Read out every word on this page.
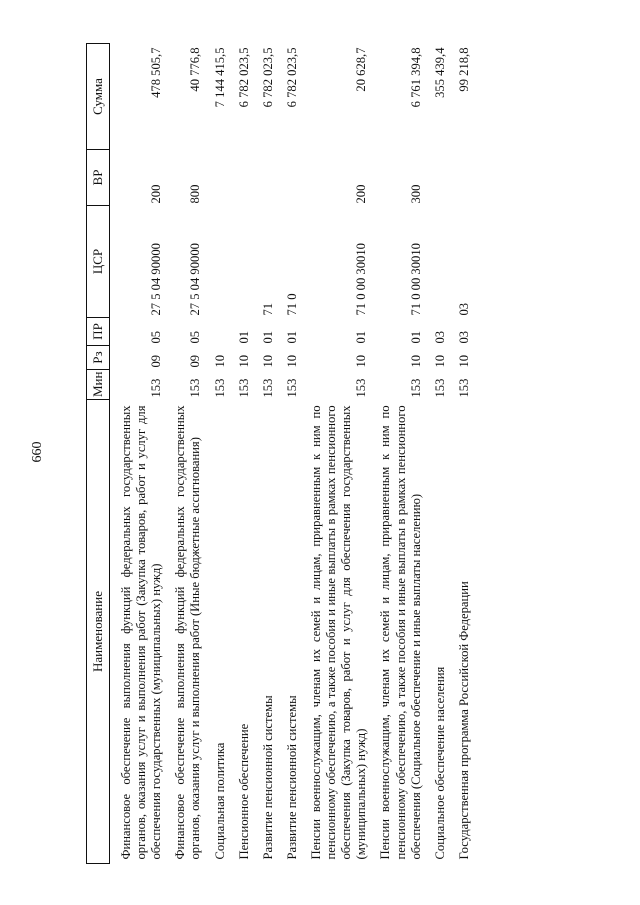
660
Наименование	Мин	Рз	ПР	ЦСР	ВР	Сумма
Финансовое обеспечение выполнения функций федеральных государственных органов, оказания услуг и выполнения работ (Закупка товаров, работ и услуг для обеспечения государственных (муниципальных) нужд)	153	09	05	27 5 04 90000	200	478 505,7
Финансовое обеспечение выполнения функций федеральных государственных органов, оказания услуг и выполнения работ (Иные бюджетные ассигнования)	153	09	05	27 5 04 90000	800	40 776,8
Социальная политика	153	10				7 144 415,5
Пенсионное обеспечение	153	10	01			6 782 023,5
Развитие пенсионной системы	153	10	01	71		6 782 023,5
Развитие пенсионной системы	153	10	01	71 0		6 782 023,5
Пенсии военнослужащим, членам их семей и лицам, приравненным к ним по пенсионному обеспечению, а также пособия и иные выплаты в рамках пенсионного обеспечения (Закупка товаров, работ и услуг для обеспечения государственных (муниципальных) нужд)	153	10	01	71 0 00 30010	200	20 628,7
Пенсии военнослужащим, членам их семей и лицам, приравненным к ним по пенсионному обеспечению, а также пособия и иные выплаты в рамках пенсионного обеспечения (Социальное обеспечение и иные выплаты населению)	153	10	01	71 0 00 30010	300	6 761 394,8
Социальное обеспечение населения	153	10	03			355 439,4
Государственная программа Российской Федерации	153	10	03	03		99 218,8
